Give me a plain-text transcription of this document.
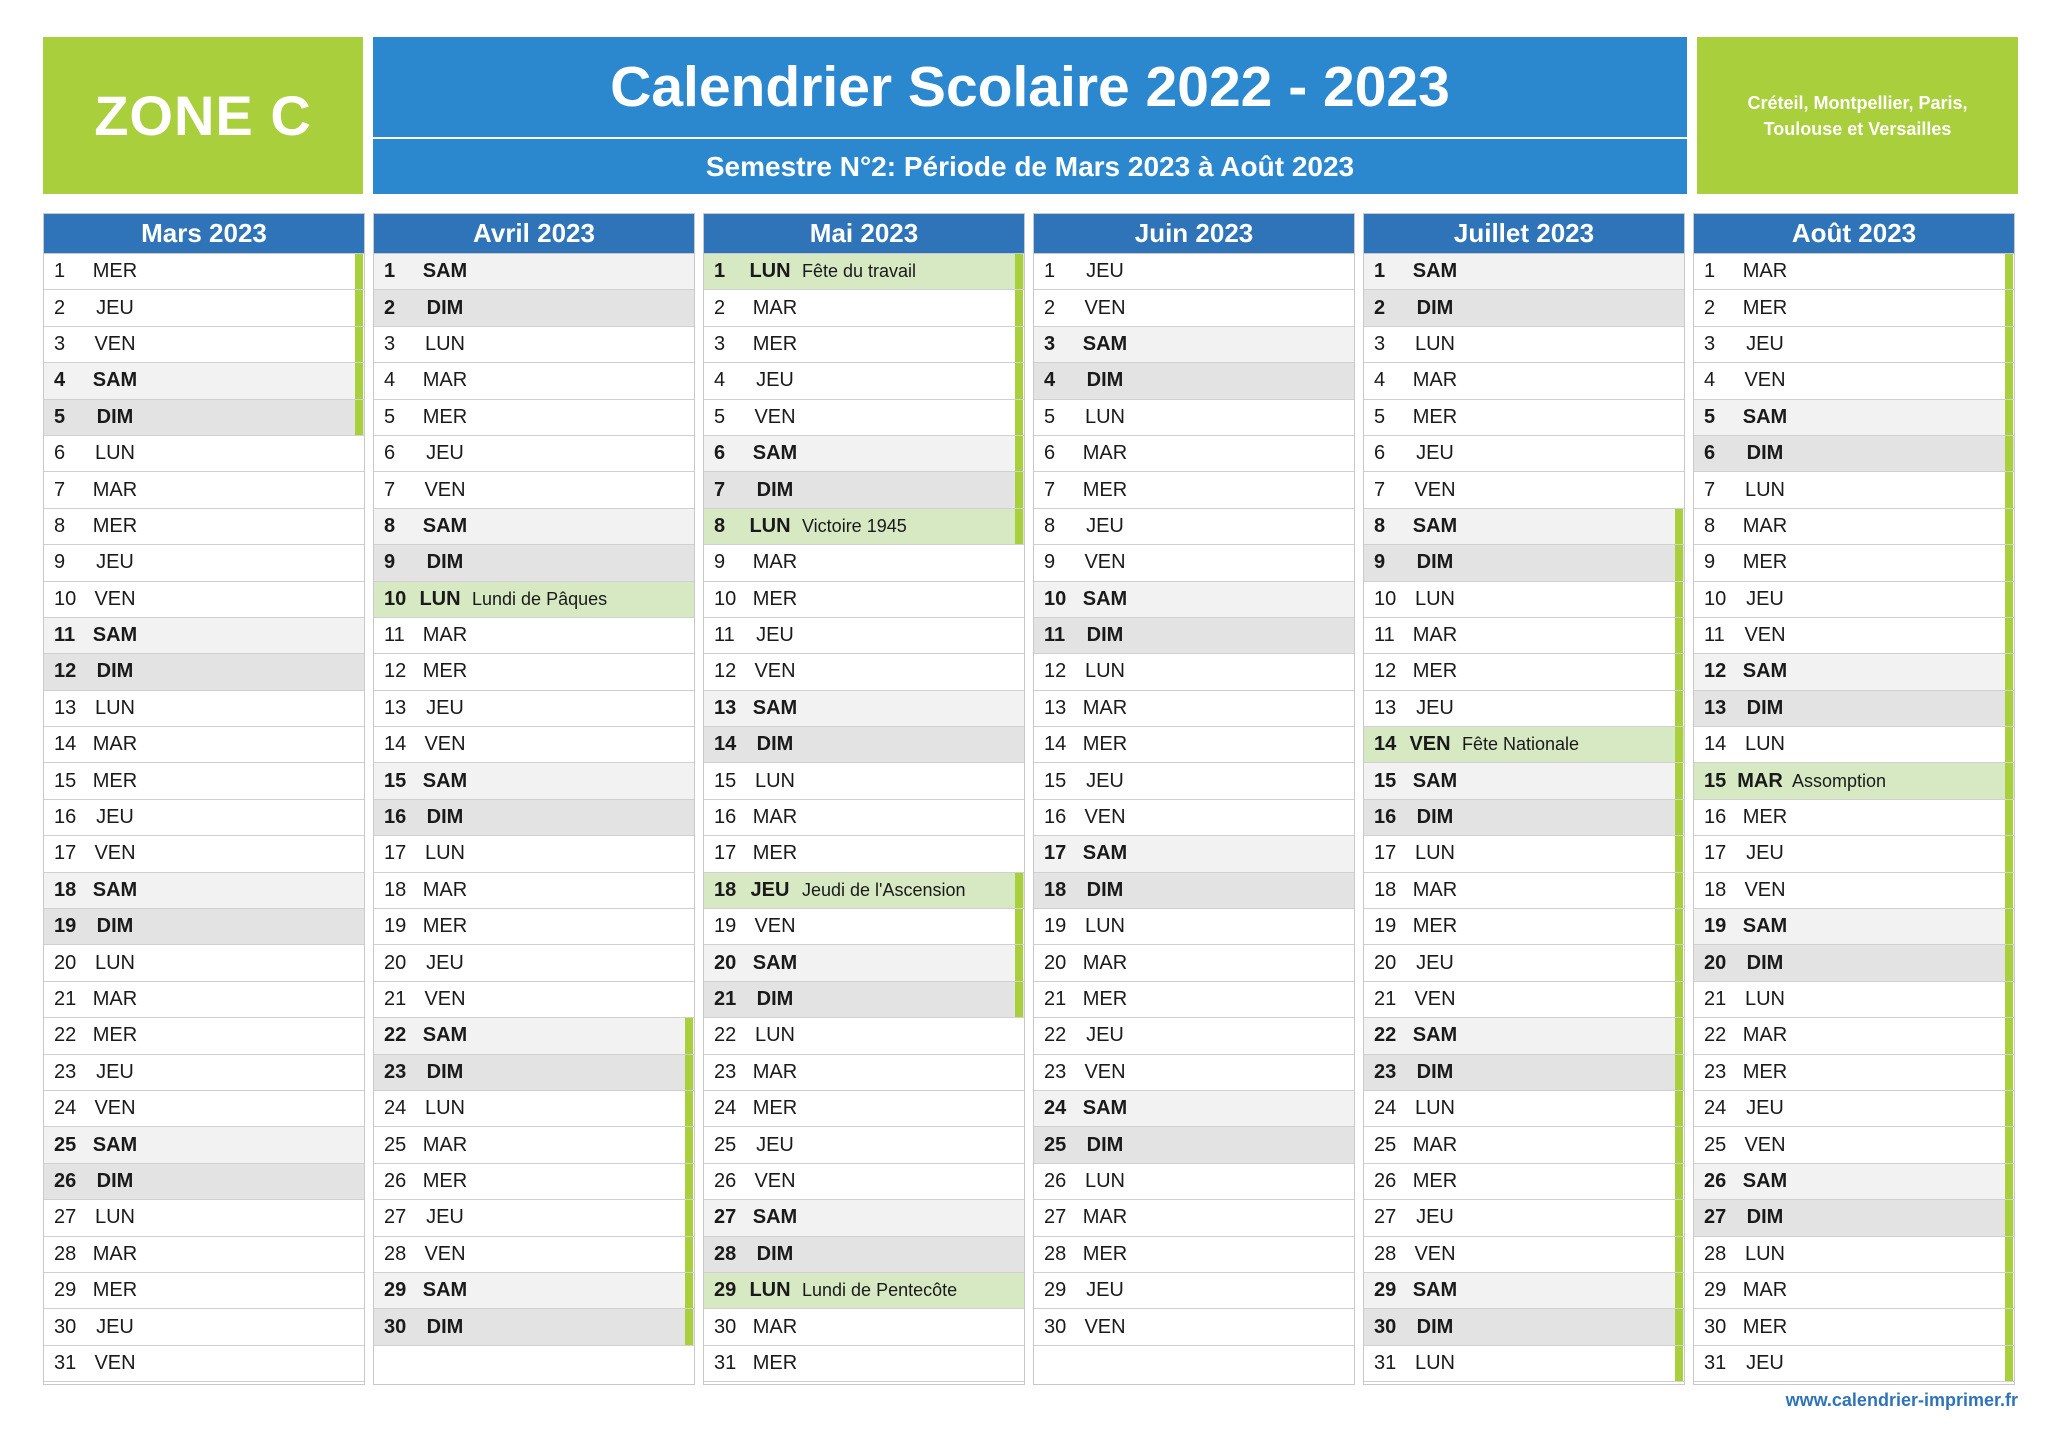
ZONE C	Calendrier Scolaire 2022 - 2023
Semestre N°2: Période de Mars 2023 à Août 2023
Créteil, Montpellier, Paris,
Toulouse et Versailles
Mars 2023
1	MER
2	JEU
3	VEN
4	SAM
5	DIM
6	LUN
7	MAR
8	MER
9	JEU
10 VEN
11 SAM
12	DIM
13 LUN
14 MAR
15 MER
16 JEU
17 VEN
18 SAM
19	DIM
20 LUN
21 MAR
22 MER
23 JEU
24 VEN
25 SAM
26	DIM
27 LUN
28 MAR
29 MER
30 JEU
31 VEN
Avril 2023
1	SAM
2	DIM
3	LUN
4	MAR
5	MER
6	JEU
7	VEN
8	SAM
9	DIM
10 LUN Lundi de Pâques
11 MAR
12 MER
13 JEU
14 VEN
15 SAM
16	DIM
17 LUN
18 MAR
19 MER
20 JEU
21 VEN
22 SAM
23	DIM
24 LUN
25 MAR
26 MER
27 JEU
28 VEN
29 SAM
30	DIM
Mai 2023
1	LUN Fête du travail
2	MAR
3	MER
4	JEU
5	VEN
6	SAM
7	DIM
8	LUN Victoire 1945
9	MAR
10 MER
11	JEU
12 VEN
13 SAM
14	DIM
15 LUN
16 MAR
17 MER
18 JEU Jeudi de l'Ascension
19 VEN
20 SAM
21	DIM
22 LUN
23 MAR
24 MER
25 JEU
26 VEN
27 SAM
28	DIM
29 LUN Lundi de Pentecôte
30 MAR
31 MER
Juin 2023
1	JEU
2	VEN
3	SAM
4	DIM
5	LUN
6	MAR
7	MER
8	JEU
9	VEN
10 SAM
11	DIM
12 LUN
13 MAR
14 MER
15 JEU
16 VEN
17 SAM
18	DIM
19 LUN
20 MAR
21 MER
22 JEU
23 VEN
24 SAM
25	DIM
26 LUN
27 MAR
28 MER
29 JEU
30 VEN
Juillet 2023
1	SAM
2	DIM
3	LUN
4	MAR
5	MER
6	JEU
7	VEN
8	SAM
9	DIM
10 LUN
11 MAR
12 MER
13 JEU
14 VEN Fête Nationale
15 SAM
16	DIM
17 LUN
18 MAR
19 MER
20 JEU
21 VEN
22 SAM
23	DIM
24 LUN
25 MAR
26 MER
27 JEU
28 VEN
29 SAM
30	DIM
31 LUN
Août 2023
1	MAR
2	MER
3	JEU
4	VEN
5	SAM
6	DIM
7	LUN
8	MAR
9	MER
10 JEU
11 VEN
12 SAM
13	DIM
14 LUN
15 MAR Assomption
16 MER
17 JEU
18 VEN
19 SAM
20	DIM
21 LUN
22 MAR
23 MER
24 JEU
25 VEN
26 SAM
27	DIM
28 LUN
29 MAR
30 MER
31 JEU
www.calendrier-imprimer.fr
